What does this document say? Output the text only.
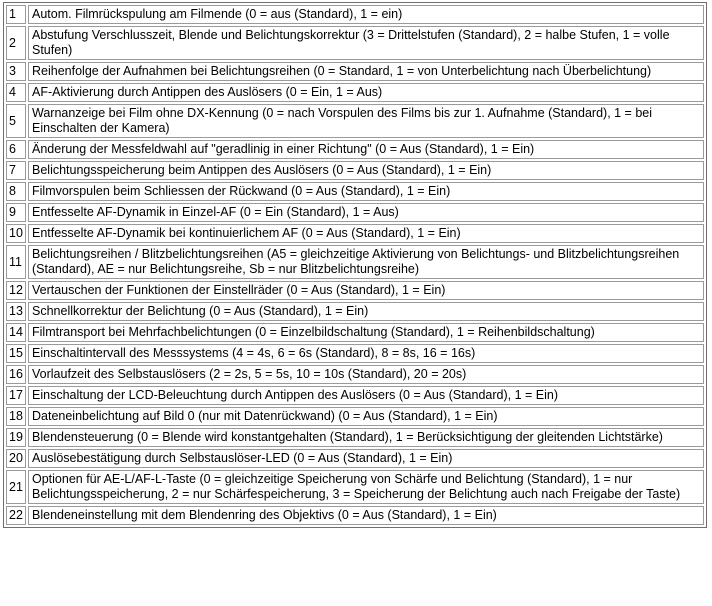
1	Autom. Filmrückspulung am Filmende (0 = aus (Standard), 1 = ein)
2	Abstufung Verschlusszeit, Blende und Belichtungskorrektur (3 = Drittelstufen (Standard), 2 = halbe Stufen, 1 = volle Stufen)
3	Reihenfolge der Aufnahmen bei Belichtungsreihen (0 = Standard, 1 = von Unterbelichtung nach Überbelichtung)
4	AF-Aktivierung durch Antippen des Auslösers (0 = Ein, 1 = Aus)
5	Warnanzeige bei Film ohne DX-Kennung (0 = nach Vorspulen des Films bis zur 1. Aufnahme (Standard), 1 = bei Einschalten der Kamera)
6	Änderung der Messfeldwahl auf "geradlinig in einer Richtung" (0 = Aus (Standard), 1 = Ein)
7	Belichtungsspeicherung beim Antippen des Auslösers (0 = Aus (Standard), 1 = Ein)
8	Filmvorspulen beim Schliessen der Rückwand (0 = Aus (Standard), 1 = Ein)
9	Entfesselte AF-Dynamik in Einzel-AF (0 = Ein (Standard), 1 = Aus)
10	Entfesselte AF-Dynamik bei kontinuierlichem AF (0 = Aus (Standard), 1 = Ein)
11	Belichtungsreihen / Blitzbelichtungsreihen (A5 = gleichzeitige Aktivierung von Belichtungs- und Blitzbelichtungsreihen (Standard), AE = nur Belichtungsreihe, Sb = nur Blitzbelichtungsreihe)
12	Vertauschen der Funktionen der Einstellräder (0 = Aus (Standard), 1 = Ein)
13	Schnellkorrektur der Belichtung (0 = Aus (Standard), 1 = Ein)
14	Filmtransport bei Mehrfachbelichtungen (0 = Einzelbildschaltung (Standard), 1 = Reihenbildschaltung)
15	Einschaltintervall des Messsystems (4 = 4s, 6 = 6s (Standard), 8 = 8s, 16 = 16s)
16	Vorlaufzeit des Selbstauslösers (2 = 2s, 5 = 5s, 10 = 10s (Standard), 20 = 20s)
17	Einschaltung der LCD-Beleuchtung durch Antippen des Auslösers (0 = Aus (Standard), 1 = Ein)
18	Dateneinbelichtung auf Bild 0 (nur mit Datenrückwand) (0 = Aus (Standard), 1 = Ein)
19	Blendensteuerung (0 = Blende wird konstantgehalten (Standard), 1 = Berücksichtigung der gleitenden Lichtstärke)
20	Auslösebestätigung durch Selbstauslöser-LED (0 = Aus (Standard), 1 = Ein)
21	Optionen für AE-L/AF-L-Taste (0 = gleichzeitige Speicherung von Schärfe und Belichtung (Standard), 1 = nur Belichtungsspeicherung, 2 = nur Schärfespeicherung, 3 = Speicherung der Belichtung auch nach Freigabe der Taste)
22	Blendeneinstellung mit dem Blendenring des Objektivs (0 = Aus (Standard), 1 = Ein)
